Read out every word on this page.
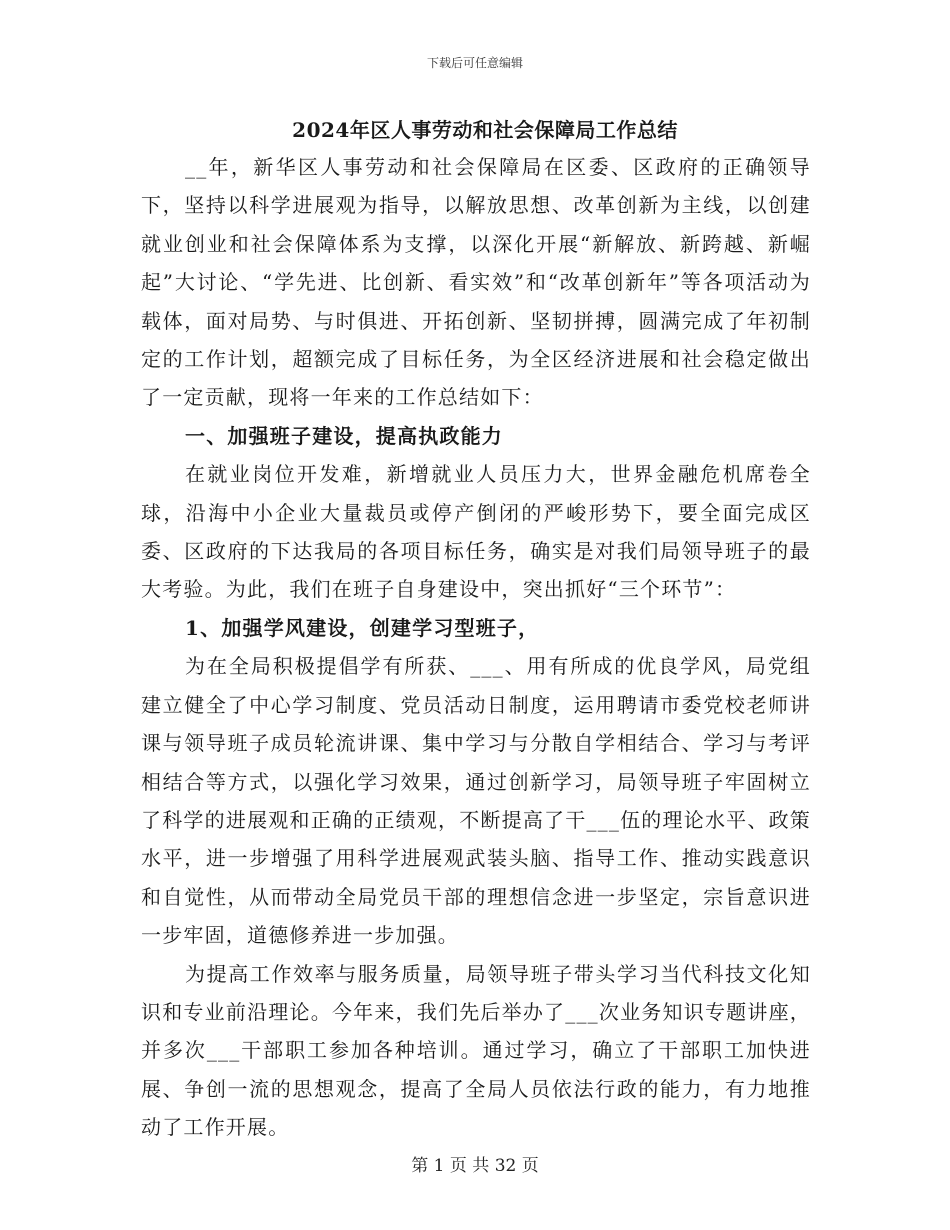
下载后可任意编辑
2024年区人事劳动和社会保障局工作总结

__年，新华区人事劳动和社会保障局在区委、区政府的正确领导下，坚持以科学进展观为指导，以解放思想、改革创新为主线，以创建就业创业和社会保障体系为支撑，以深化开展“新解放、新跨越、新崛起”大讨论、“学先进、比创新、看实效”和“改革创新年”等各项活动为载体，面对局势、与时俱进、开拓创新、坚韧拼搏，圆满完成了年初制定的工作计划，超额完成了目标任务，为全区经济进展和社会稳定做出了一定贡献，现将一年来的工作总结如下：

一、加强班子建设，提高执政能力

在就业岗位开发难，新增就业人员压力大，世界金融危机席卷全球，沿海中小企业大量裁员或停产倒闭的严峻形势下，要全面完成区委、区政府的下达我局的各项目标任务，确实是对我们局领导班子的最大考验。为此，我们在班子自身建设中，突出抓好“三个环节”：

1、加强学风建设，创建学习型班子，

为在全局积极提倡学有所获、___、用有所成的优良学风，局党组建立健全了中心学习制度、党员活动日制度，运用聘请市委党校老师讲课与领导班子成员轮流讲课、集中学习与分散自学相结合、学习与考评相结合等方式，以强化学习效果，通过创新学习，局领导班子牢固树立了科学的进展观和正确的正绩观，不断提高了干___伍的理论水平、政策水平，进一步增强了用科学进展观武装头脑、指导工作、推动实践意识和自觉性，从而带动全局党员干部的理想信念进一步坚定，宗旨意识进一步牢固，道德修养进一步加强。

为提高工作效率与服务质量，局领导班子带头学习当代科技文化知识和专业前沿理论。今年来，我们先后举办了___次业务知识专题讲座，并多次___干部职工参加各种培训。通过学习，确立了干部职工加快进展、争创一流的思想观念，提高了全局人员依法行政的能力，有力地推动了工作开展。

第 1 页 共 32 页
